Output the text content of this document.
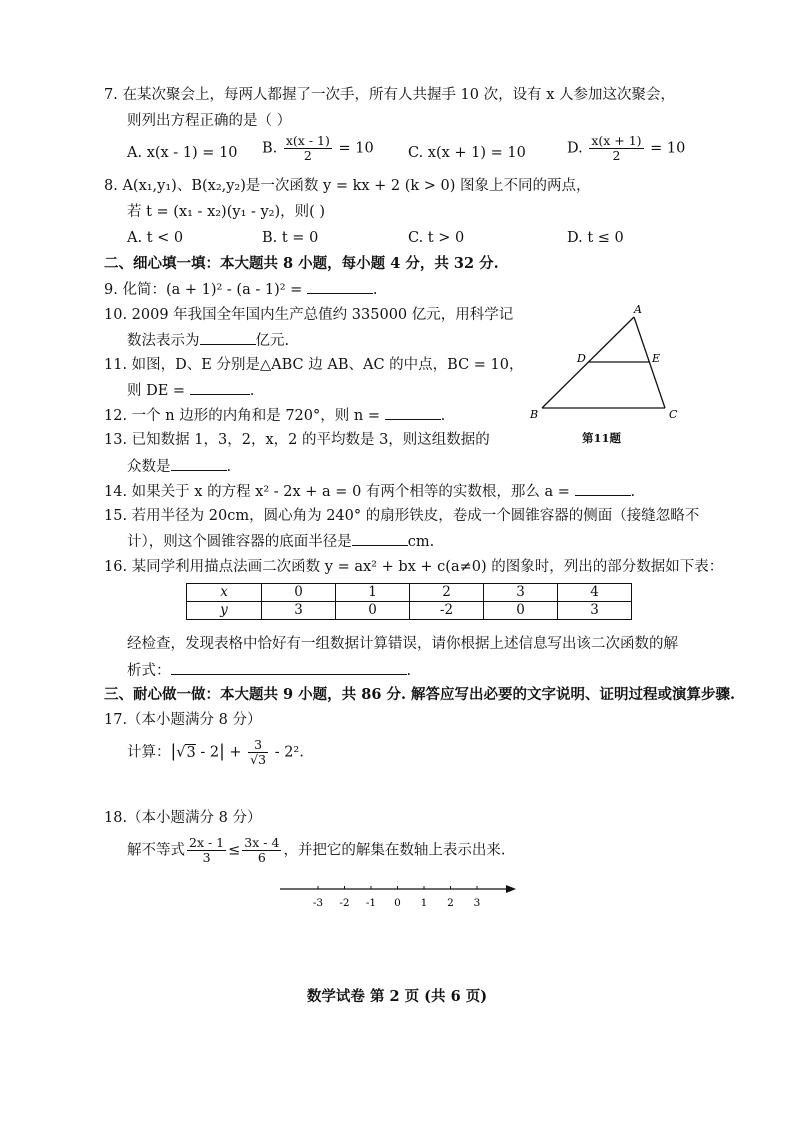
7. 在某次聚会上，每两人都握了一次手，所有人共握手 10 次，设有 x 人参加这次聚会，
则列出方程正确的是（ ）
A. x(x - 1) = 10 B. $\frac{x(x - 1)}{2} = 10$ C. x(x + 1) = 10	D. $\frac{x(x + 1)}{2} = 10$
8. A(x₁,y₁)、B(x₂,y₂)是一次函数 y = kx + 2 (k > 0) 图象上不同的两点，
若 t = (x₁ - x₂)(y₁ - y₂)，则( )
A. t < 0	B. t = 0	C. t > 0	D. t ≤ 0
二、细心填一填：本大题共 8 小题，每小题 4 分，共 32 分.
9. 化简：(a + 1)² - (a - 1)² =	.
10. 2009 年我国全年国内生产总值约 335000 亿元，用科学记
数法表示为	亿元.
11. 如图，D、E 分别是△ABC 边 AB、AC 的中点，BC = 10，
则 DE =	.
12. 一个 n 边形的内角和是 720°，则 n =	.
13. 已知数据 1，3，2，x，2 的平均数是 3，则这组数据的
众数是	.
A
B	C
D	E
第11题
14. 如果关于 x 的方程 x² - 2x + a = 0 有两个相等的实数根，那么 a =	.
15. 若用半径为 20cm，圆心角为 240° 的扇形铁皮，卷成一个圆锥容器的侧面（接缝忽略不
计），则这个圆锥容器的底面半径是	cm.
16. 某同学利用描点法画二次函数 y = ax² + bx + c(a≠0) 的图象时，列出的部分数据如下表：
x	0	1	2	3	4
y	3	0	-2	0	3
经检查，发现表格中恰好有一组数据计算错误，请你根据上述信息写出该二次函数的解
析式：	.
三、耐心做一做：本大题共 9 小题，共 86 分. 解答应写出必要的文字说明、证明过程或演算步骤.
17.（本小题满分 8 分）
计算：$|√3 - 2| + \frac{3}{√3} - 2^2$.
18.（本小题满分 8 分）
解不等式 $\frac{2x - 1}{3} \le \frac{3x - 4}{6}$ ，并把它的解集在数轴上表示出来.
-3 -2 -1 0 1 2 3
数学试卷 第 2 页 (共 6 页)
